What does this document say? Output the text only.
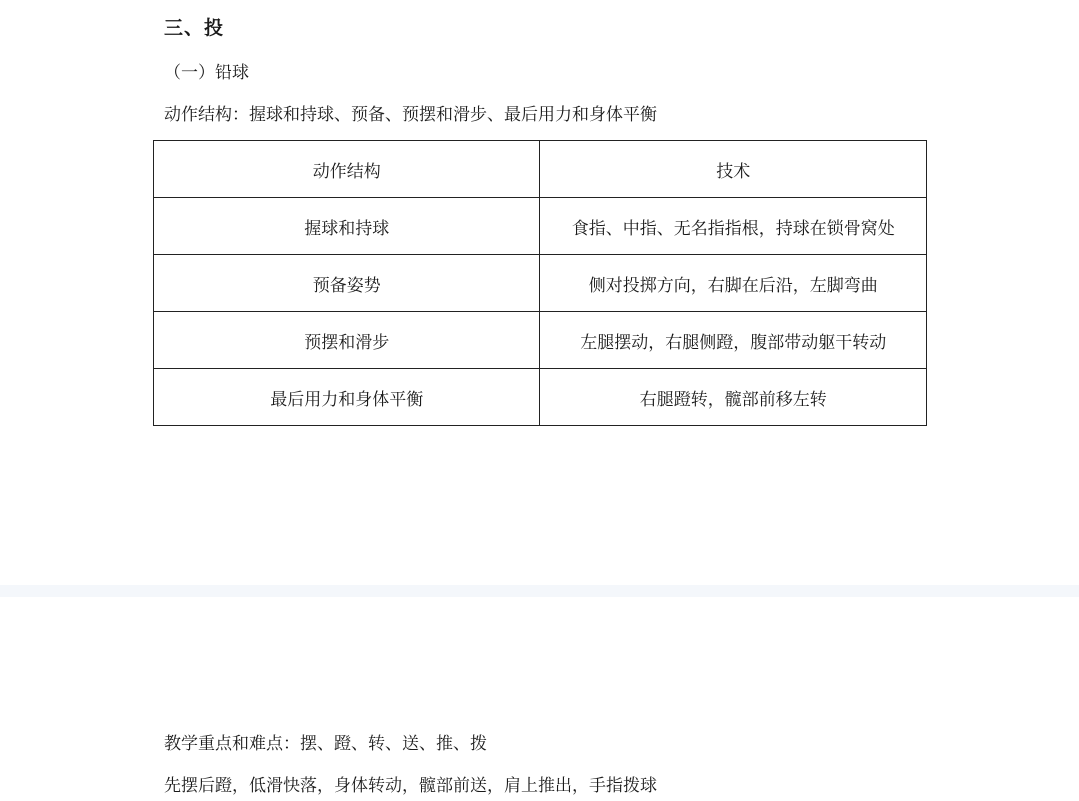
三、投
（一）铅球
动作结构：握球和持球、预备、预摆和滑步、最后用力和身体平衡
动作结构	技术
握球和持球	食指、中指、无名指指根，持球在锁骨窝处
预备姿势	侧对投掷方向，右脚在后沿，左脚弯曲
预摆和滑步	左腿摆动，右腿侧蹬，腹部带动躯干转动
最后用力和身体平衡	右腿蹬转，髋部前移左转
教学重点和难点：摆、蹬、转、送、推、拨
先摆后蹬，低滑快落，身体转动，髋部前送，肩上推出，手指拨球
